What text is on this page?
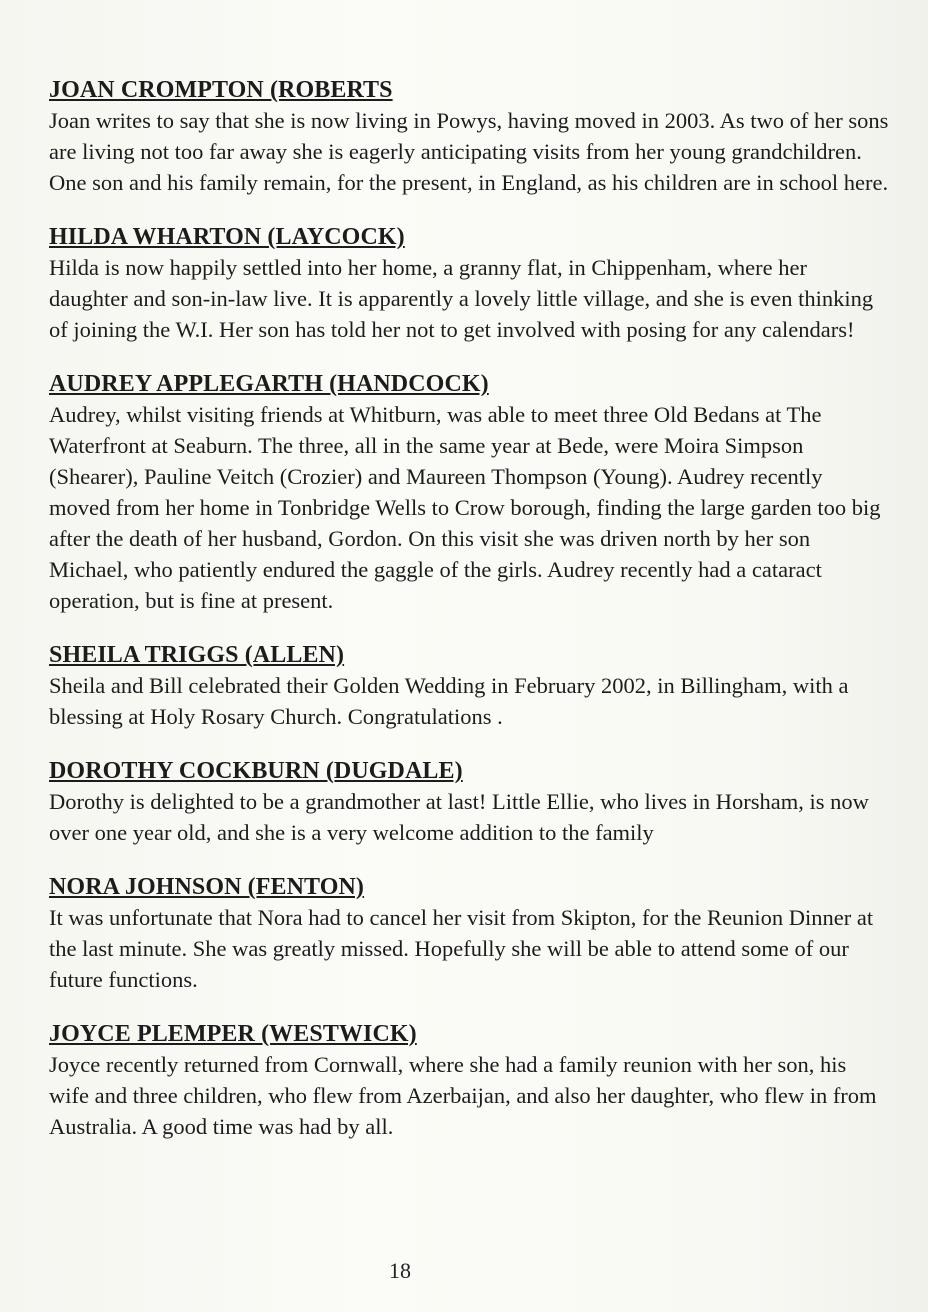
JOAN CROMPTON (ROBERTS

Joan writes to say that she is now living in Powys, having moved in 2003. As two of her sons are living not too far away she is eagerly anticipating visits from her young grandchildren. One son and his family remain, for the present, in England, as his children are in school here.

HILDA WHARTON (LAYCOCK)

Hilda is now happily settled into her home, a granny flat, in Chippenham, where her daughter and son-in-law live. It is apparently a lovely little village, and she is even thinking of joining the W.I. Her son has told her not to get involved with posing for any calendars!

AUDREY APPLEGARTH (HANDCOCK)

Audrey, whilst visiting friends at Whitburn, was able to meet three Old Bedans at The Waterfront at Seaburn. The three, all in the same year at Bede, were Moira Simpson (Shearer), Pauline Veitch (Crozier) and Maureen Thompson (Young). Audrey recently moved from her home in Tonbridge Wells to Crow borough, finding the large garden too big after the death of her husband, Gordon. On this visit she was driven north by her son Michael, who patiently endured the gaggle of the girls. Audrey recently had a cataract operation, but is fine at present.

SHEILA TRIGGS (ALLEN)

Sheila and Bill celebrated their Golden Wedding in February 2002, in Billingham, with a blessing at Holy Rosary Church. Congratulations .

DOROTHY COCKBURN (DUGDALE)

Dorothy is delighted to be a grandmother at last! Little Ellie, who lives in Horsham, is now over one year old, and she is a very welcome addition to the family

NORA JOHNSON (FENTON)

It was unfortunate that Nora had to cancel her visit from Skipton, for the Reunion Dinner at the last minute. She was greatly missed. Hopefully she will be able to attend some of our future functions.

JOYCE PLEMPER (WESTWICK)

Joyce recently returned from Cornwall, where she had a family reunion with her son, his wife and three children, who flew from Azerbaijan, and also her daughter, who flew in from Australia. A good time was had by all.

18
